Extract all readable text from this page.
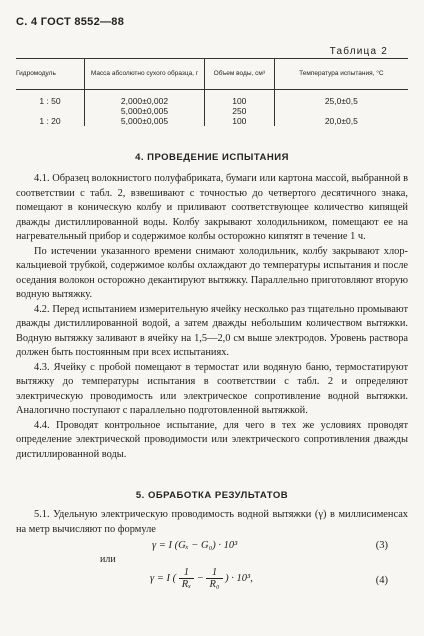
С. 4 ГОСТ 8552—88
Таблица 2
Гидромодуль	Масса абсолютно сухого образца, г	Объем воды, см³	Температура испытания, °С
1 : 50	2,000±0,002	100	25,0±0,5
	5,000±0,005	250	
1 : 20	5,000±0,005	100	20,0±0,5
4. ПРОВЕДЕНИЕ ИСПЫТАНИЯ

4.1. Образец волокнистого полуфабриката, бумаги или картона массой, выбранной в соответствии с табл. 2, взвешивают с точностью до четвертого десятичного знака, помещают в коническую колбу и приливают соответствующее количество кипящей дважды дистиллированной воды. Колбу закрывают холодильником, помещают ее на нагревательный прибор и содержимое колбы осторожно кипятят в течение 1 ч.

По истечении указанного времени снимают холодильник, колбу закрывают хлор-кальциевой трубкой, содержимое колбы охлаждают до температуры испытания и после оседания волокон осторожно декантируют вытяжку. Параллельно приготовляют вторую водную вытяжку.

4.2. Перед испытанием измерительную ячейку несколько раз тщательно промывают дважды дистиллированной водой, а затем дважды небольшим количеством вытяжки. Водную вытяжку заливают в ячейку на 1,5—2,0 см выше электродов. Уровень раствора должен быть постоянным при всех испытаниях.

4.3. Ячейку с пробой помещают в термостат или водяную баню, термостатируют вытяжку до температуры испытания в соответствии с табл. 2 и определяют электрическую проводимость или электрическое сопротивление водной вытяжки. Аналогично поступают с параллельно подготовленной вытяжкой.

4.4. Проводят контрольное испытание, для чего в тех же условиях проводят определение электрической проводимости или электрического сопротивления дважды дистиллированной воды.

5. ОБРАБОТКА РЕЗУЛЬТАТОВ

5.1. Удельную электрическую проводимость водной вытяжки (γ) в миллисименсах на метр вычисляют по формуле

γ = I (Gₓ − G₀) · 10³	(3)
или
γ = I ( $\frac{1}{\text{Rₓ}} - \frac{1}{\text{R₀}}$ ) · 10³,	(4)
